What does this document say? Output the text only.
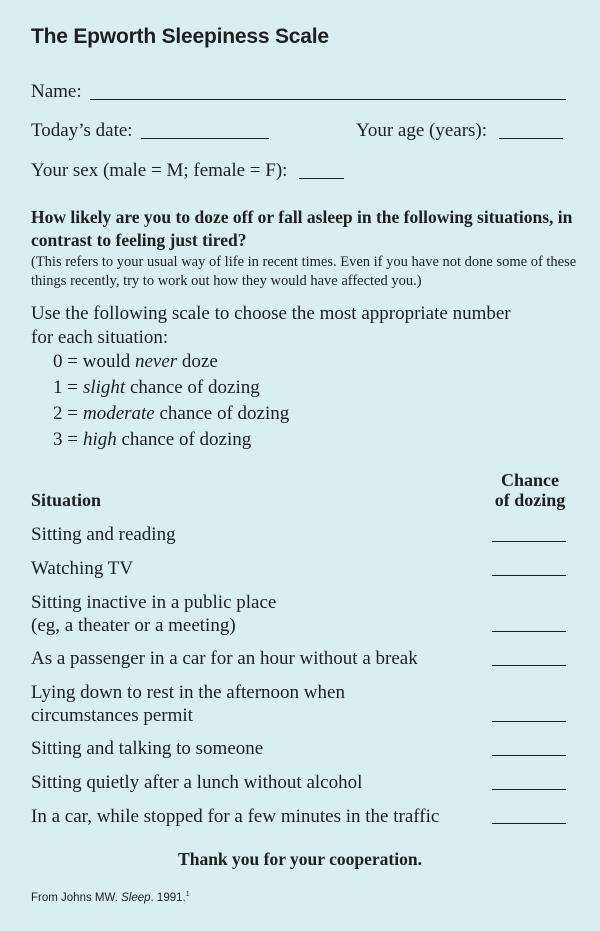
The Epworth Sleepiness Scale
Name:
Today’s date:	Your age (years):
Your sex (male = M; female = F):
How likely are you to doze off or fall asleep in the following situations, in contrast to feeling just tired?
(This refers to your usual way of life in recent times. Even if you have not done some of these things recently, try to work out how they would have affected you.)
Use the following scale to choose the most appropriate number for each situation:
0 = would never doze
1 = slight chance of dozing
2 = moderate chance of dozing
3 = high chance of dozing
Situation
Chance
of dozing
Sitting and reading
Watching TV
Sitting inactive in a public place
(eg, a theater or a meeting)
As a passenger in a car for an hour without a break
Lying down to rest in the afternoon when
circumstances permit
Sitting and talking to someone
Sitting quietly after a lunch without alcohol
In a car, while stopped for a few minutes in the traffic
Thank you for your cooperation.
From Johns MW. Sleep. 1991.$^1$
